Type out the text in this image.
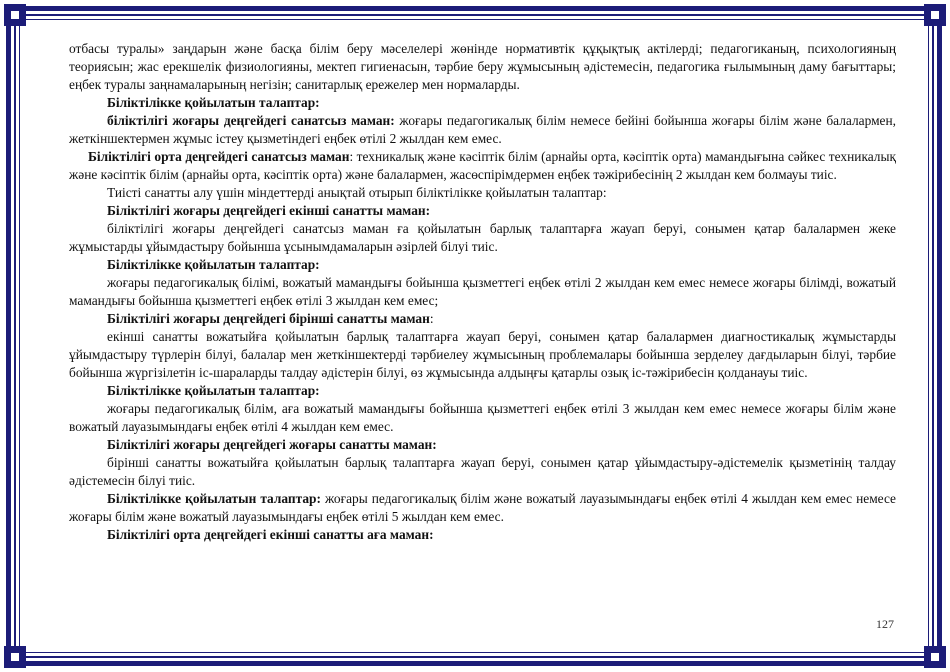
отбасы туралы» заңдарын және басқа білім беру мәселелері жөнінде нормативтік құқықтық актілерді; педагогиканың, психологияның теориясын; жас ерекшелік физиологияны, мектеп гигиенасын, тәрбие беру жұмысының әдістемесін, педагогика ғылымының даму бағыттары; еңбек туралы заңнамаларының негізін; санитарлық ережелер мен нормаларды.

Біліктілікке қойылатын талаптар:

біліктілігі жоғары деңгейдегі санатсыз маман: жоғары педагогикалық білім немесе бейіні бойынша жоғары білім және балалармен, жеткіншектермен жұмыс істеу қызметіндегі еңбек өтілі 2 жылдан кем емес.

Біліктілігі орта деңгейдегі санатсыз маман: техникалық және кәсіптік білім (арнайы орта, кәсіптік орта) мамандығына сәйкес техникалық және кәсіптік білім (арнайы орта, кәсіптік орта) және балалармен, жасөспірімдермен еңбек тәжірибесінің 2 жылдан кем болмауы тиіс.

Тиісті санатты алу үшін міндеттерді анықтай отырып біліктілікке қойылатын талаптар:

Біліктілігі жоғары деңгейдегі екінші санатты маман:

біліктілігі жоғары деңгейдегі санатсыз маман ға қойылатын барлық талаптарға жауап беруі, сонымен қатар балалармен жеке жұмыстарды ұйымдастыру бойынша ұсынымдамаларын әзірлей білуі тиіс.

Біліктілікке қойылатын талаптар:

жоғары педагогикалық білімі, вожатый мамандығы бойынша қызметтегі еңбек өтілі 2 жылдан кем емес немесе жоғары білімді, вожатый мамандығы бойынша қызметтегі еңбек өтілі 3 жылдан кем емес;

Біліктілігі жоғары деңгейдегі бірінші санатты маман:

екінші санатты вожатыйға қойылатын барлық талаптарға жауап беруі, сонымен қатар балалармен диагностикалық жұмыстарды ұйымдастыру түрлерін білуі, балалар мен жеткіншектерді тәрбиелеу жұмысының проблемалары бойынша зерделеу дағдыларын білуі, тәрбие бойынша жүргізілетін іс-шараларды талдау әдістерін білуі, өз жұмысында алдыңғы қатарлы озық іс-тәжірибесін қолданауы тиіс.

Біліктілікке қойылатын талаптар:

жоғары педагогикалық білім, аға вожатый мамандығы бойынша қызметтегі еңбек өтілі 3 жылдан кем емес немесе жоғары білім және вожатый лауазымындағы еңбек өтілі 4 жылдан кем емес.

Біліктілігі жоғары деңгейдегі жоғары санатты маман:

бірінші санатты вожатыйға қойылатын барлық талаптарға жауап беруі, сонымен қатар ұйымдастыру-әдістемелік қызметінің талдау әдістемесін білуі тиіс.

Біліктілікке қойылатын талаптар: жоғары педагогикалық білім және вожатый лауазымындағы еңбек өтілі 4 жылдан кем емес немесе жоғары білім және вожатый лауазымындағы еңбек өтілі 5 жылдан кем емес.

Біліктілігі орта деңгейдегі екінші санатты аға маман:

127
